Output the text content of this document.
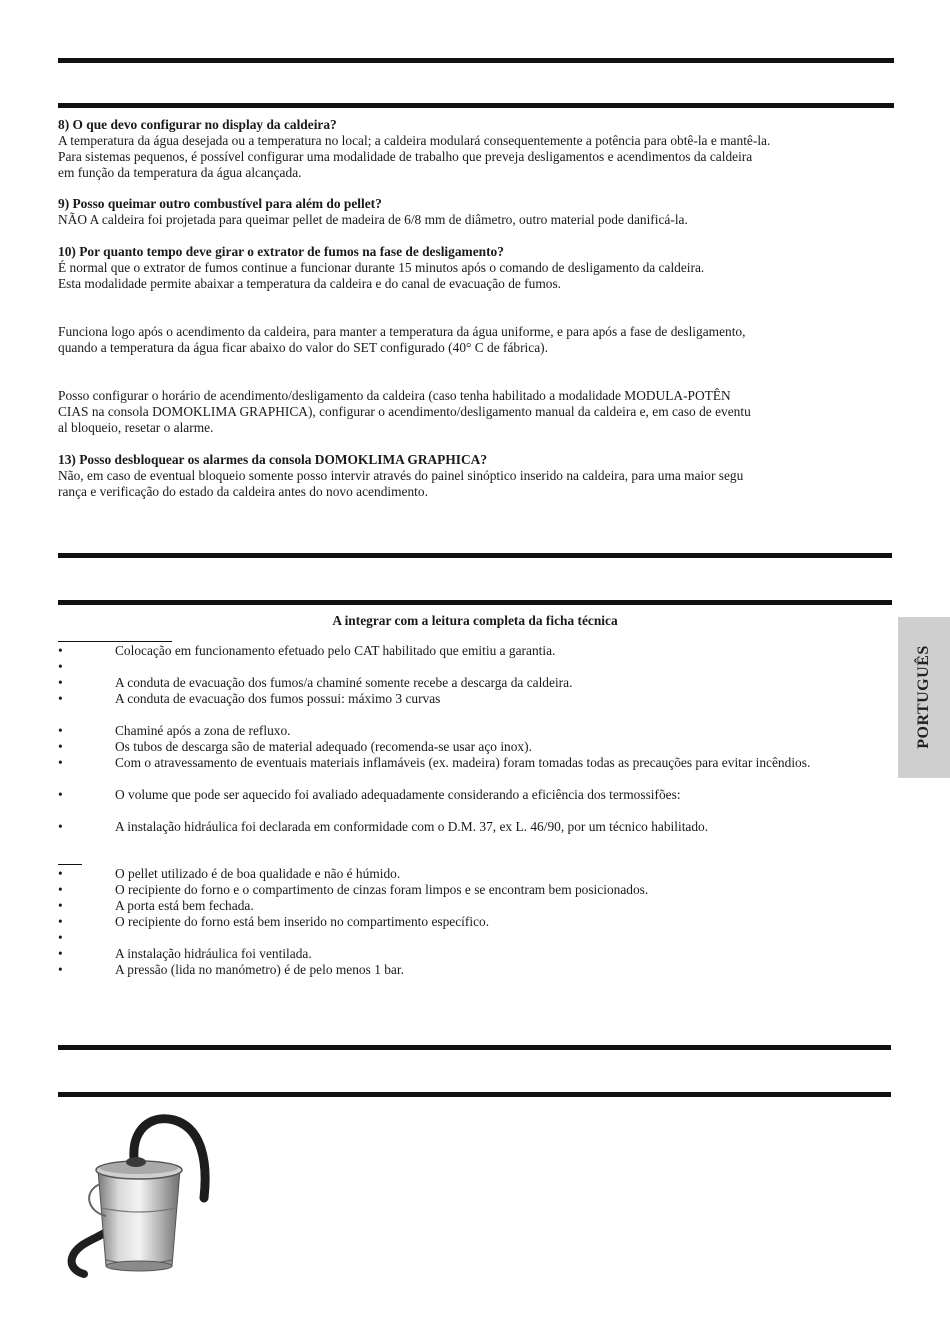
8) O que devo configurar no display da caldeira?
A temperatura da água desejada ou a temperatura no local; a caldeira modulará consequentemente a potência para obtê-la e mantê-la.
Para sistemas pequenos, é possível configurar uma modalidade de trabalho que preveja desligamentos e acendimentos da caldeira
em função da temperatura da água alcançada.
9) Posso queimar outro combustível para além do pellet?
NÃO A caldeira foi projetada para queimar pellet de madeira de 6/8 mm de diâmetro, outro material pode danificá-la.
10) Por quanto tempo deve girar o extrator de fumos na fase de desligamento?
É normal que o extrator de fumos continue a funcionar durante 15 minutos após o comando de desligamento da caldeira.
Esta modalidade permite abaixar a temperatura da caldeira e do canal de evacuação de fumos.
Funciona logo após o acendimento da caldeira, para manter a temperatura da água uniforme, e para após a fase de desligamento,
quando a temperatura da água ficar abaixo do valor do SET configurado (40° C de fábrica).
Posso configurar o horário de acendimento/desligamento da caldeira (caso tenha habilitado a modalidade MODULA-POTÊN
CIAS na consola DOMOKLIMA GRAPHICA), configurar o acendimento/desligamento manual da caldeira e, em caso de eventu
al bloqueio, resetar o alarme.
13) Posso desbloquear os alarmes da consola DOMOKLIMA GRAPHICA?
Não, em caso de eventual bloqueio somente posso intervir através do painel sinóptico inserido na caldeira, para uma maior segu
rança e verificação do estado da caldeira antes do novo acendimento.
A integrar com a leitura completa da ficha técnica
•	Colocação em funcionamento efetuado pelo CAT habilitado que emitiu a garantia.
•
•	A conduta de evacuação dos fumos/a chaminé somente recebe a descarga da caldeira.
•	A conduta de evacuação dos fumos possui: máximo 3 curvas
•	Chaminé após a zona de refluxo.
•	Os tubos de descarga são de material adequado (recomenda-se usar aço inox).
•	Com o atravessamento de eventuais materiais inflamáveis (ex. madeira) foram tomadas todas as precauções para evitar incêndios.
•	O volume que pode ser aquecido foi avaliado adequadamente considerando a eficiência dos termossifões:
•	A instalação hidráulica foi declarada em conformidade com o D.M. 37, ex L. 46/90, por um técnico habilitado.
•	O pellet utilizado é de boa qualidade e não é húmido.
•	O recipiente do forno e o compartimento de cinzas foram limpos e se encontram bem posicionados.
•	A porta está bem fechada.
•	O recipiente do forno está bem inserido no compartimento específico.
•
•	A instalação hidráulica foi ventilada.
•	A pressão (lida no manómetro) é de pelo menos 1 bar.
PORTUGUÊS
